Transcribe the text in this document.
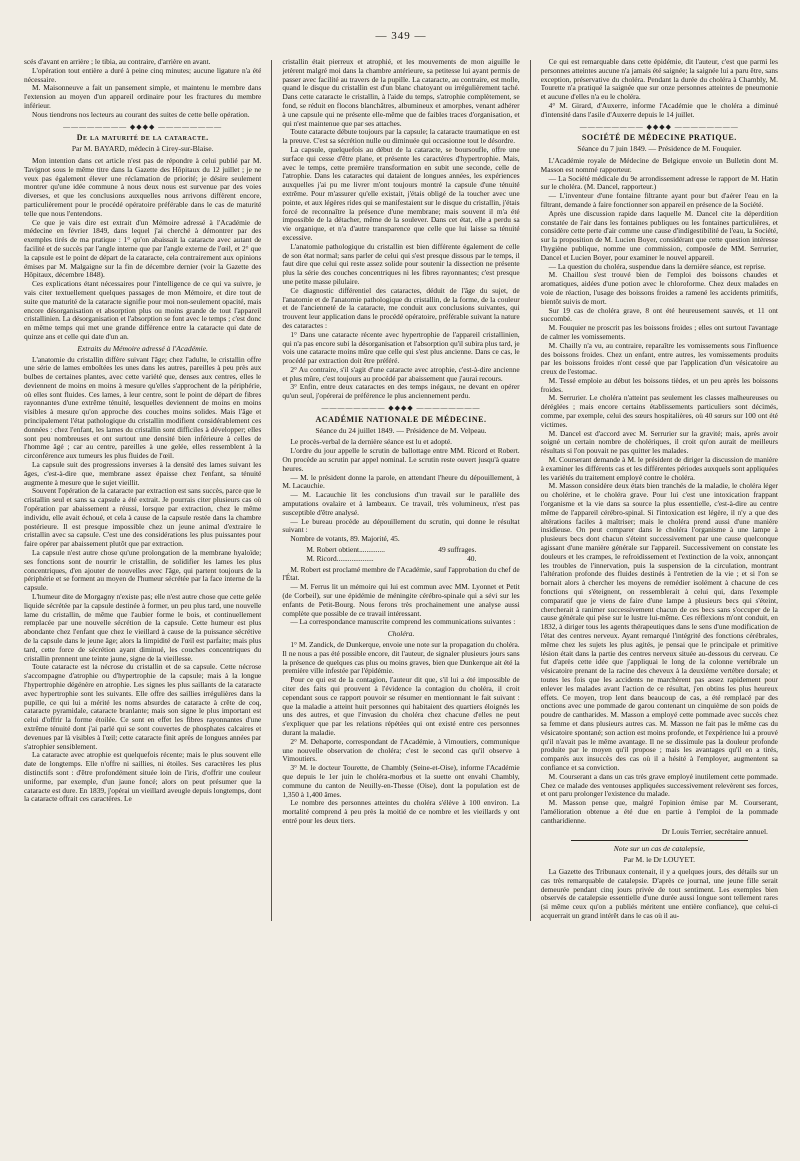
— 349 —

scés d'avant en arrière ; le tibia, au contraire, d'arrière en avant.

L'opération tout entière a duré à peine cinq minutes; aucune ligature n'a été nécessaire.

M. Maisonneuve a fait un pansement simple, et maintenu le membre dans l'extension au moyen d'un appareil ordinaire pour les fractures du membre inférieur.

Nous tiendrons nos lecteurs au courant des suites de cette belle opération.

———————— ◆◆◆◆ ————————
De la maturité de la cataracte.
Par M. BAYARD, médecin à Cirey-sur-Blaise.

Mon intention dans cet article n'est pas de répondre à celui publié par M. Tavignot sous le même titre dans la Gazette des Hôpitaux du 12 juillet ; je ne veux pas également élever une réclamation de priorité; je désire seulement montrer qu'une idée commune à nous deux nous est survenue par des voies diverses, et que les conclusions auxquelles nous arrivons diffèrent encore, particulièrement pour le procédé opératoire préférable dans le cas de maturité telle que nous l'entendons.

Ce que je vais dire est extrait d'un Mémoire adressé à l'Académie de médecine en février 1849, dans lequel j'ai cherché à démontrer par des exemples tirés de ma pratique : 1° qu'on abaissait la cataracte avec autant de facilité et de succès par l'angle interne que par l'angle externe de l'œil, et 2° que la capsule est le point de départ de la cataracte, cela contrairement aux opinions émises par M. Malgaigne sur la fin de décembre dernier (voir la Gazette des Hôpitaux, décembre 1848).

Ces explications étant nécessaires pour l'intelligence de ce qui va suivre, je vais citer textuellement quelques passages de mon Mémoire, et dire tout de suite que maturité de la cataracte signifie pour moi non-seulement opacité, mais encore désorganisation et absorption plus ou moins grande de tout l'appareil cristallinien. La désorganisation et l'absorption se font avec le temps ; c'est donc en même temps qui met une grande différence entre la cataracte qui date de quinze ans et celle qui date d'un an.

Extraits du Mémoire adressé à l'Académie.

L'anatomie du cristallin diffère suivant l'âge; chez l'adulte, le cristallin offre une série de lames emboîtées les unes dans les autres, pareilles à peu près aux bulbes de certaines plantes, avec cette variété que, denses aux centres, elles le deviennent de moins en moins à mesure qu'elles s'approchent de la périphérie, où elles sont fluides. Ces lames, à leur centre, sont le point de départ de fibres rayonnantes d'une extrême ténuité, lesquelles deviennent de moins en moins visibles à mesure qu'on approche des couches moins solides. Mais l'âge et principalement l'état pathologique du cristallin modifient considérablement ces données : chez l'enfant, les lames du cristallin sont difficiles à développer; elles sont peu nombreuses et ont surtout une densité bien inférieure à celles de l'homme âgé ; car au centre, pareilles à une gelée, elles ressemblent à la circonférence aux tumeurs les plus fluides de l'œil.

La capsule suit des progressions inverses à la densité des lames suivant les âges, c'est-à-dire que, membrane assez épaisse chez l'enfant, sa ténuité augmente à mesure que le sujet vieillit.

Souvent l'opération de la cataracte par extraction est sans succès, parce que le cristallin seul et sans sa capsule a été extrait. Je pourrais citer plusieurs cas où l'opération par abaissement a réussi, lorsque par extraction, chez le même individu, elle avait échoué, et cela à cause de la capsule restée dans la chambre postérieure. Il est presque impossible chez un jeune animal d'extraire le cristallin avec sa capsule. C'est une des considérations les plus puissantes pour faire opérer par abaissement plutôt que par extraction.

La capsule n'est autre chose qu'une prolongation de la membrane hyaloïde; ses fonctions sont de nourrir le cristallin, de solidifier les lames les plus concentriques, d'en ajouter de nouvelles avec l'âge, qui partent toujours de la périphérie et se forment au moyen de l'humeur sécrétée par la face interne de la capsule.

L'humeur dite de Morgagny n'existe pas; elle n'est autre chose que cette gelée liquide sécrétée par la capsule destinée à former, un peu plus tard, une nouvelle lame du cristallin, de même que l'aubier forme le bois, et continuellement remplacée par une nouvelle sécrétion de la capsule. Cette humeur est plus abondante chez l'enfant que chez le vieillard à cause de la puissance sécrétive de la capsule dans le jeune âge; alors la limpidité de l'œil est parfaite; mais plus tard, cette force de sécrétion ayant diminué, les couches concentriques du cristallin prennent une teinte jaune, signe de la vieillesse.

Toute cataracte est la nécrose du cristallin et de sa capsule. Cette nécrose s'accompagne d'atrophie ou d'hypertrophie de la capsule; mais à la longue l'hypertrophie dégénère en atrophie. Les signes les plus saillants de la cataracte avec hypertrophie sont les suivants. Elle offre des saillies irrégulières dans la pupille, ce qui lui a mérité les noms absurdes de cataracte à crête de coq, cataracte pyramidale, cataracte branlante; mais son signe le plus important est celui d'offrir la forme étoilée. Ce sont en effet les fibres rayonnantes d'une extrême ténuité dont j'ai parlé qui se sont couvertes de phosphates calcaires et devenues par là visibles à l'œil; cette cataracte finit après de longues années par s'atrophier sensiblement.

La cataracte avec atrophie est quelquefois récente; mais le plus souvent elle date de longtemps. Elle n'offre ni saillies, ni étoiles. Ses caractères les plus distinctifs sont : d'être profondément située loin de l'iris, d'offrir une couleur uniforme, par exemple, d'un jaune foncé; alors on peut présumer que la cataracte est dure. En 1839, j'opérai un vieillard aveugle depuis longtemps, dont la cataracte offrait ces caractères. Le

cristallin était pierreux et atrophié, et les mouvements de mon aiguille le jetèrent malgré moi dans la chambre antérieure, sa petitesse lui ayant permis de passer avec facilité au travers de la pupille. La cataracte, au contraire, est molle, quand le disque du cristallin est d'un blanc chatoyant ou irrégulièrement taché. Dans cette cataracte le cristallin, à l'aide du temps, s'atrophie complètement, se fond, se réduit en flocons blanchâtres, albumineux et amorphes, venant adhérer à une capsule qui ne présente elle-même que de faibles traces d'organisation, et qui n'est maintenue que par ses attaches.

Toute cataracte débute toujours par la capsule; la cataracte traumatique en est la preuve. C'est sa sécrétion nulle ou diminuée qui occasionne tout le désordre.

La capsule, quelquefois au début de la cataracte, se boursoufle, offre une surface qui cesse d'être plane, et présente les caractères d'hypertrophie. Mais, avec le temps, cette première transformation en subit une seconde, celle de l'atrophie. Dans les cataractes qui dataient de longues années, les expériences auxquelles j'ai pu me livrer m'ont toujours montré la capsule d'une ténuité extrême. Pour m'assurer qu'elle existait, j'étais obligé de la toucher avec une pointe, et aux légères rides qui se manifestaient sur le disque du cristallin, j'étais forcé de reconnaître la présence d'une membrane; mais souvent il m'a été impossible de la détacher, même de la soulever. Dans cet état, elle a perdu sa vie organique, et n'a d'autre transparence que celle que lui laisse sa ténuité excessive.

L'anatomie pathologique du cristallin est bien différente également de celle de son état normal; sans parler de celui qui s'est presque dissous par le temps, il faut dire que celui qui reste assez solide pour soutenir la dissection ne présente plus la série des couches concentriques ni les fibres rayonnantes; c'est presque une petite masse pilulaire.

Ce diagnostic différentiel des cataractes, déduit de l'âge du sujet, de l'anatomie et de l'anatomie pathologique du cristallin, de la forme, de la couleur et de l'ancienneté de la cataracte, me conduit aux conclusions suivantes, qui trouvent leur application dans le procédé opératoire, préférable suivant la nature des cataractes :

1° Dans une cataracte récente avec hypertrophie de l'appareil cristallinien, qui n'a pas encore subi la désorganisation et l'absorption qu'il subira plus tard, je vois une cataracte moins mûre que celle qui s'est plus ancienne. Dans ce cas, le procédé par extraction doit être préféré.

2° Au contraire, s'il s'agit d'une cataracte avec atrophie, c'est-à-dire ancienne et plus mûre, c'est toujours au procédé par abaissement que j'aurai recours.

3° Enfin, entre deux cataractes en des temps inégaux, ne devant en opérer qu'un seul, j'opérerai de préférence le plus anciennement perdu.

———————— ◆◆◆◆ ————————
ACADÉMIE NATIONALE DE MÉDECINE.
Séance du 24 juillet 1849. — Présidence de M. Velpeau.

Le procès-verbal de la dernière séance est lu et adopté.

L'ordre du jour appelle le scrutin de ballottage entre MM. Ricord et Robert. On procède au scrutin par appel nominal. Le scrutin reste ouvert jusqu'à quatre heures.

— M. le président donne la parole, en attendant l'heure du dépouillement, à M. Lacauchie.

— M. Lacauchie lit les conclusions d'un travail sur le parallèle des amputations ovalaire et à lambeaux. Ce travail, très volumineux, n'est pas susceptible d'être analysé.

— Le bureau procède au dépouillement du scrutin, qui donne le résultat suivant :

Nombre de votants, 89. Majorité, 45.

M. Robert obtient..............	49 suffrages.
M. Ricord....................	40.

M. Robert est proclamé membre de l'Académie, sauf l'approbation du chef de l'État.

— M. Ferrus lit un mémoire qui lui est commun avec MM. Lyonnet et Petit (de Corbeil), sur une épidémie de méningite cérébro-spinale qui a sévi sur les enfants de Petit-Bourg. Nous ferons très prochainement une analyse aussi complète que possible de ce travail intéressant.

— La correspondance manuscrite comprend les communications suivantes :

Choléra.

1° M. Zandick, de Dunkerque, envoie une note sur la propagation du choléra. Il ne nous a pas été possible encore, dit l'auteur, de signaler plusieurs jours sans la présence de quelques cas plus ou moins graves, bien que Dunkerque ait été la première ville infestée par l'épidémie.

Pour ce qui est de la contagion, l'auteur dit que, s'il lui a été impossible de citer des faits qui prouvent à l'évidence la contagion du choléra, il croit cependant sous ce rapport pouvoir se résumer en mentionnant le fait suivant : que la maladie a atteint huit personnes qui habitaient des quartiers éloignés les uns des autres, et que l'invasion du choléra chez chacune d'elles ne peut s'expliquer que par les relations répétées qui ont existé entre ces personnes durant la maladie.

2° M. Dehaporte, correspondant de l'Académie, à Vimoutiers, communique une nouvelle observation de choléra; c'est le second cas qu'il observe à Vimoutiers.

3° M. le docteur Tourette, de Chambly (Seine-et-Oise), informe l'Académie que depuis le 1er juin le choléra-morbus et la suette ont envahi Chambly, commune du canton de Neuilly-en-Thesse (Oise), dont la population est de 1,350 à 1,400 âmes.

Le nombre des personnes atteintes du choléra s'élève à 100 environ. La mortalité comprend à peu près la moitié de ce nombre et les vieillards y ont entré pour les deux tiers.

Ce qui est remarquable dans cette épidémie, dit l'auteur, c'est que parmi les personnes atteintes aucune n'a jamais été saignée; la saignée lui a paru être, sans exception, préservative du choléra. Pendant la durée du choléra à Chambly, M. Tourette n'a pratiqué la saignée que sur onze personnes atteintes de pneumonie et aucune d'elles n'a eu le choléra.

4° M. Girard, d'Auxerre, informe l'Académie que le choléra a diminué d'intensité dans l'asile d'Auxerre depuis le 14 juillet.

———————— ◆◆◆◆ ————————
SOCIÉTÉ DE MÉDECINE PRATIQUE.
Séance du 7 juin 1849. — Présidence de M. Fouquier.

L'Académie royale de Médecine de Belgique envoie un Bulletin dont M. Masson est nommé rapporteur.

— La Société médicale du 9e arrondissement adresse le rapport de M. Hatin sur le choléra. (M. Dancel, rapporteur.)

— L'inventeur d'une fontaine filtrante ayant pour but d'aérer l'eau en la filtrant, demande à faire fonctionner son appareil en présence de la Société.

Après une discussion rapide dans laquelle M. Dancel cite la déperdition constatée de l'air dans les fontaines publiques ou les fontaines particulières, et considère cette perte d'air comme une cause d'indigestibilité de l'eau, la Société, sur la proposition de M. Lucien Boyer, considérant que cette question intéresse l'hygiène publique, nomme une commission, composée de MM. Serrurier, Dancel et Lucien Boyer, pour examiner le nouvel appareil.

— La question du choléra, suspendue dans la dernière séance, est reprise.

M. Chaillou s'est trouvé bien de l'emploi des boissons chaudes et aromatiques, aidées d'une potion avec le chloroforme. Chez deux malades en voie de réaction, l'usage des boissons froides a ramené les accidents primitifs, bientôt suivis de mort.

Sur 19 cas de choléra grave, 8 ont été heureusement sauvés, et 11 ont succombé.

M. Fouquier ne proscrit pas les boissons froides ; elles ont surtout l'avantage de calmer les vomissements.

M. Chailly n'a vu, au contraire, reparaître les vomissements sous l'influence des boissons froides. Chez un enfant, entre autres, les vomissements produits par les boissons froides n'ont cessé que par l'application d'un vésicatoire au creux de l'estomac.

M. Tessé emploie au début les boissons tièdes, et un peu après les boissons froides.

M. Serrurier. Le choléra n'atteint pas seulement les classes malheureuses ou déréglées ; mais encore certains établissements particuliers sont décimés, comme, par exemple, celui des sœurs hospitalières, où 40 sœurs sur 100 ont été victimes.

M. Dancel est d'accord avec M. Serrurier sur la gravité; mais, après avoir soigné un certain nombre de cholériques, il croit qu'on aurait de meilleurs résultats si l'on pouvait ne pas quitter les malades.

M. Courserant demande à M. le président de diriger la discussion de manière à examiner les différents cas et les différentes périodes auxquels sont appliquées les variétés du traitement employé contre le choléra.

M. Masson considère deux états bien tranchés de la maladie, le choléra léger ou cholérine, et le choléra grave. Pour lui c'est une intoxication frappant l'organisme et la vie dans sa source la plus essentielle, c'est-à-dire au centre même de l'appareil cérébro-spinal. Si l'intoxication est légère, il n'y a que des altérations faciles à maîtriser; mais le choléra prend aussi d'une manière insidieuse. On peut comparer dans le choléra l'organisme à une lampe à plusieurs becs dont chacun s'éteint successivement par une cause quelconque agissant d'une manière générale sur l'appareil. Successivement on constate les douleurs et les crampes, le refroidissement et l'extinction de la voix, annonçant les troubles de l'innervation, puis la suspension de la circulation, montrant l'altération profonde des fluides destinés à l'entretien de la vie ; et si l'on se bornait alors à chercher les moyens de remédier isolément à chacune de ces fonctions qui s'éteignent, on ressemblerait à celui qui, dans l'exemple comparatif que je viens de faire d'une lampe à plusieurs becs qui s'éteint, chercherait à ranimer successivement chacun de ces becs sans s'occuper de la cause générale qui pèse sur le lustre lui-même. Ces réflexions m'ont conduit, en 1832, à diriger tous les agents thérapeutiques dans le sens d'une modification de l'état des centres nerveux. Ayant remarqué l'intégrité des fonctions cérébrales, même chez les sujets les plus agités, je pensai que le principale et primitive lésion était dans la partie des centres nerveux située au-dessous du cerveau. Ce fut d'après cette idée que j'appliquai le long de la colonne vertébrale un vésicatoire prenant de la racine des cheveux à la deuxième vertèbre dorsale; et toutes les fois que les accidents ne marchèrent pas assez rapidement pour enlever les malades avant l'action de ce résultat, j'en obtins les plus heureux effets. Ce moyen, trop lent dans beaucoup de cas, a été remplacé par des onctions avec une pommade de garou contenant un cinquième de son poids de poudre de cantharides. M. Masson a employé cette pommade avec succès chez sa femme et dans plusieurs autres cas. M. Masson ne fait pas le même cas du vésicatoire spontané; son action est moins profonde, et l'expérience lui a prouvé qu'il n'avait pas le même avantage. Il ne se dissimule pas la douleur profonde produite par le moyen qu'il propose ; mais les avantages qu'il en a tirés, comparés aux insuccès des cas où il a hésité à l'employer, augmentent sa confiance et sa conviction.

M. Courserant a dans un cas très grave employé inutilement cette pommade. Chez ce malade des ventouses appliquées successivement relevèrent ses forces, et ont paru prolonger l'existence du malade.

M. Masson pense que, malgré l'opinion émise par M. Courserant, l'amélioration obtenue a été due en partie à l'emploi de la pommade cantharidienne.

Dr Louis Terrier, secrétaire annuel.
Note sur un cas de catalepsie,
Par M. le Dr LOUYET.

La Gazette des Tribunaux contenait, il y a quelques jours, des détails sur un cas très remarquable de catalepsie. D'après ce journal, une jeune fille serait demeurée pendant cinq jours privée de tout sentiment. Les exemples bien observés de catalepsie essentielle d'une durée aussi longue sont tellement rares (si même ceux qu'on a publiés méritent une entière confiance), que celui-ci acquerrait un grand intérêt dans le cas où il au-
